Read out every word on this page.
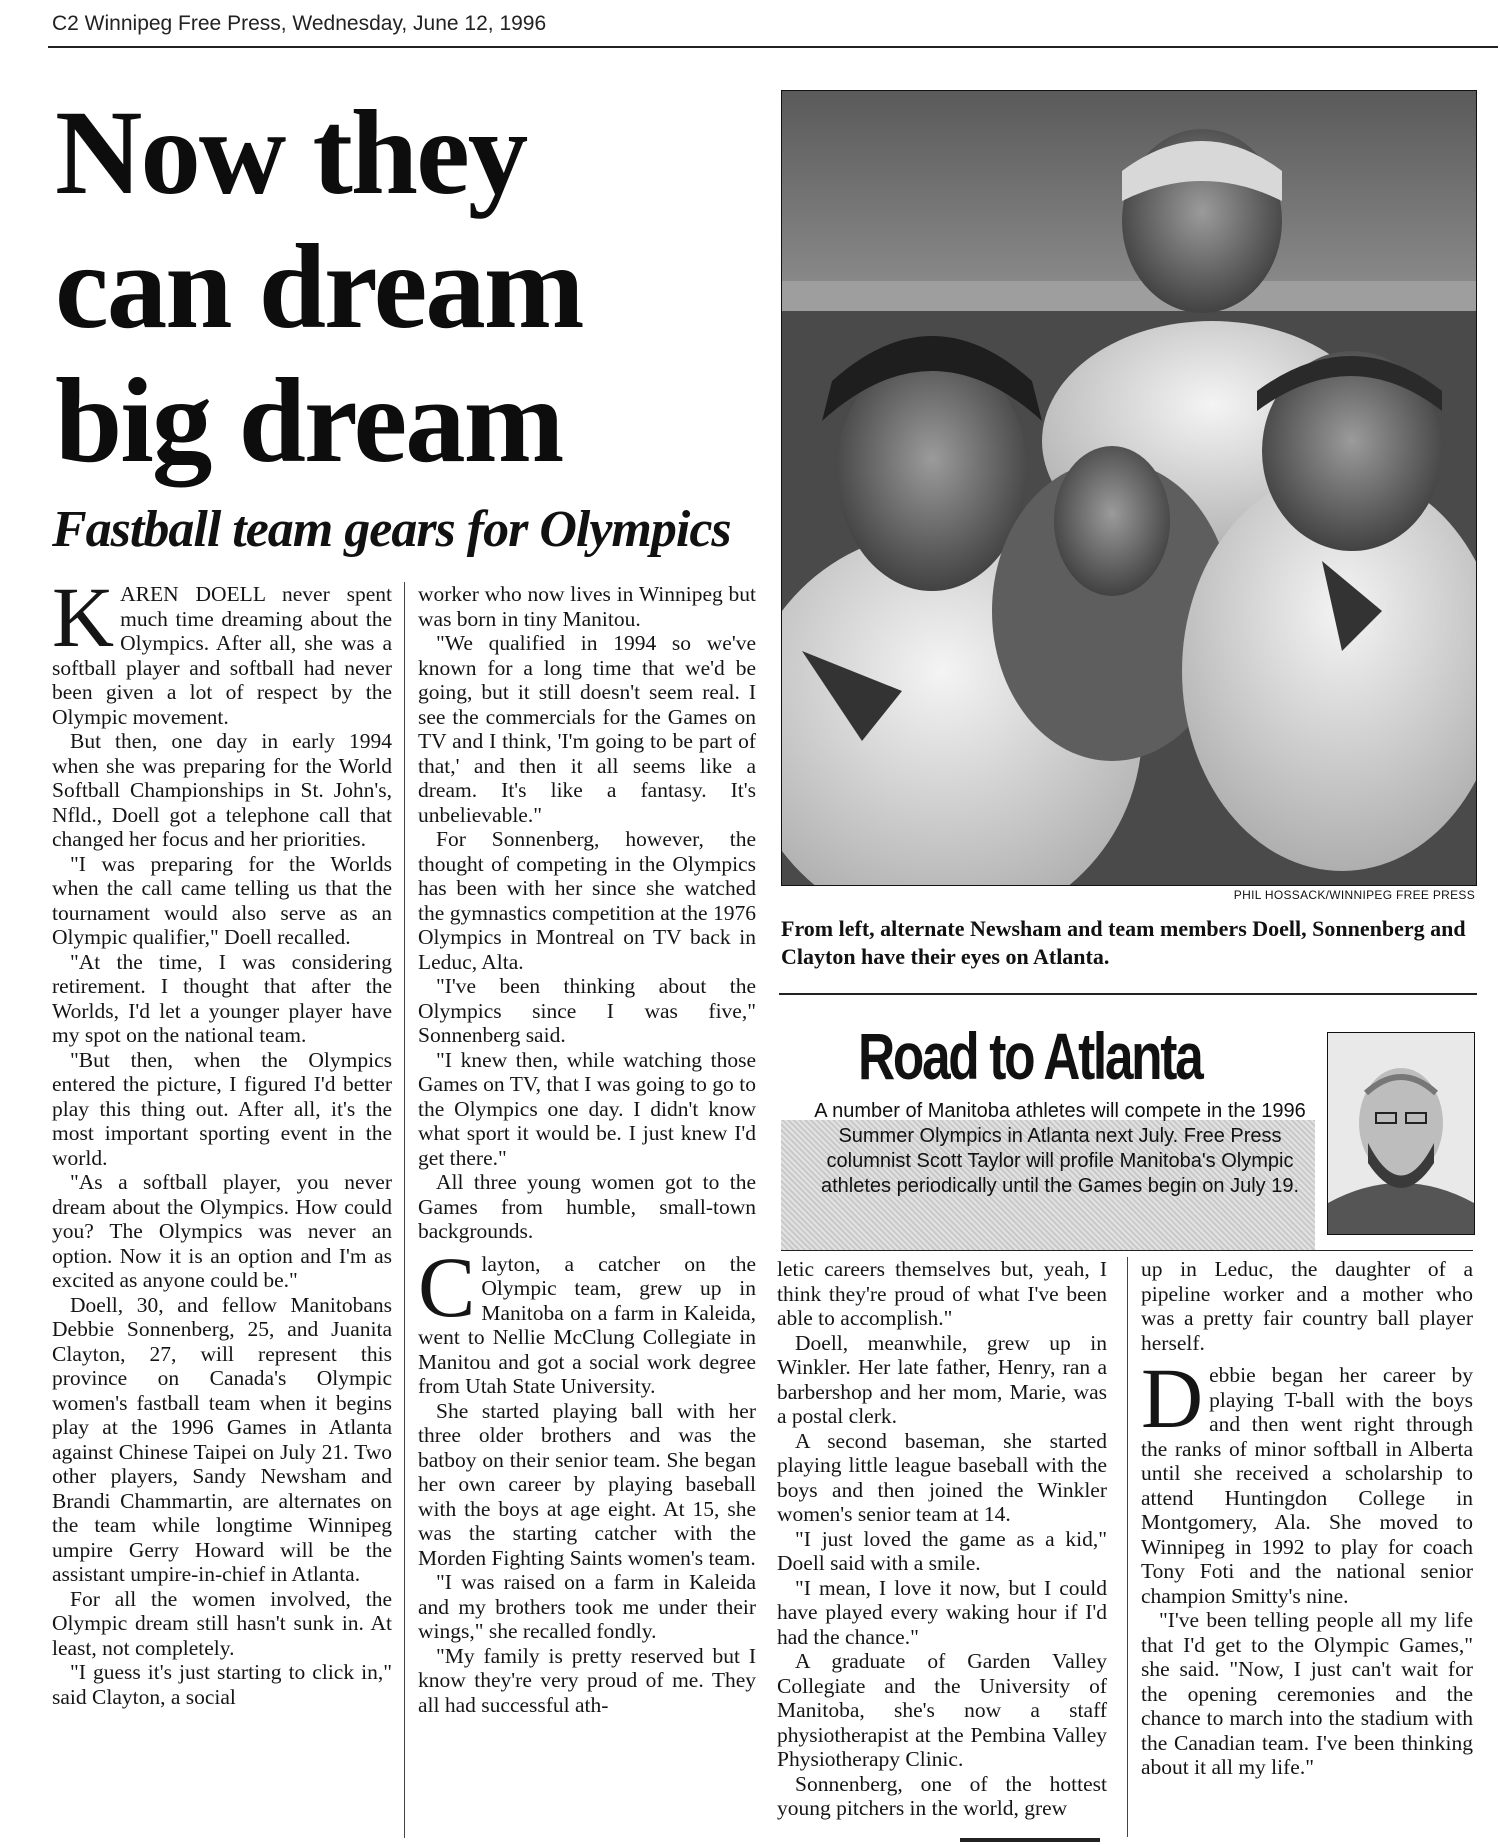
C2 Winnipeg Free Press, Wednesday, June 12, 1996
Now they
can dream
big dream
Fastball team gears for Olympics

KAREN DOELL never spent much time dreaming about the Olympics. After all, she was a softball player and softball had never been given a lot of respect by the Olympic movement.

But then, one day in early 1994 when she was preparing for the World Softball Championships in St. John's, Nfld., Doell got a telephone call that changed her focus and her priorities.

"I was preparing for the Worlds when the call came telling us that the tournament would also serve as an Olympic qualifier," Doell recalled.

"At the time, I was considering retirement. I thought that after the Worlds, I'd let a younger player have my spot on the national team.

"But then, when the Olympics entered the picture, I figured I'd better play this thing out. After all, it's the most important sporting event in the world.

"As a softball player, you never dream about the Olympics. How could you? The Olympics was never an option. Now it is an option and I'm as excited as anyone could be."

Doell, 30, and fellow Manitobans Debbie Sonnenberg, 25, and Juanita Clayton, 27, will represent this province on Canada's Olympic women's fastball team when it begins play at the 1996 Games in Atlanta against Chinese Taipei on July 21. Two other players, Sandy Newsham and Brandi Chammartin, are alternates on the team while longtime Winnipeg umpire Gerry Howard will be the assistant umpire-in-chief in Atlanta.

For all the women involved, the Olympic dream still hasn't sunk in. At least, not completely.

"I guess it's just starting to click in," said Clayton, a social

worker who now lives in Winnipeg but was born in tiny Manitou.

"We qualified in 1994 so we've known for a long time that we'd be going, but it still doesn't seem real. I see the commercials for the Games on TV and I think, 'I'm going to be part of that,' and then it all seems like a dream. It's like a fantasy. It's unbelievable."

For Sonnenberg, however, the thought of competing in the Olympics has been with her since she watched the gymnastics competition at the 1976 Olympics in Montreal on TV back in Leduc, Alta.

"I've been thinking about the Olympics since I was five," Sonnenberg said.

"I knew then, while watching those Games on TV, that I was going to go to the Olympics one day. I didn't know what sport it would be. I just knew I'd get there."

All three young women got to the Games from humble, small-town backgrounds.

Clayton, a catcher on the Olympic team, grew up in Manitoba on a farm in Kaleida, went to Nellie McClung Collegiate in Manitou and got a social work degree from Utah State University.

She started playing ball with her three older brothers and was the batboy on their senior team. She began her own career by playing baseball with the boys at age eight. At 15, she was the starting catcher with the Morden Fighting Saints women's team.

"I was raised on a farm in Kaleida and my brothers took me under their wings," she recalled fondly.

"My family is pretty reserved but I know they're very proud of me. They all had successful ath-

PHIL HOSSACK/WINNIPEG FREE PRESS
From left, alternate Newsham and team members Doell, Sonnenberg and Clayton have their eyes on Atlanta.
Road to Atlanta
A number of Manitoba athletes will compete in the 1996 Summer Olympics in Atlanta next July. Free Press columnist Scott Taylor will profile Manitoba's Olympic athletes periodically until the Games begin on July 19.

letic careers themselves but, yeah, I think they're proud of what I've been able to accomplish."

Doell, meanwhile, grew up in Winkler. Her late father, Henry, ran a barbershop and her mom, Marie, was a postal clerk.

A second baseman, she started playing little league baseball with the boys and then joined the Winkler women's senior team at 14.

"I just loved the game as a kid," Doell said with a smile.

"I mean, I love it now, but I could have played every waking hour if I'd had the chance."

A graduate of Garden Valley Collegiate and the University of Manitoba, she's now a staff physiotherapist at the Pembina Valley Physiotherapy Clinic.

Sonnenberg, one of the hottest young pitchers in the world, grew

up in Leduc, the daughter of a pipeline worker and a mother who was a pretty fair country ball player herself.

Debbie began her career by playing T-ball with the boys and then went right through the ranks of minor softball in Alberta until she received a scholarship to attend Huntingdon College in Montgomery, Ala. She moved to Winnipeg in 1992 to play for coach Tony Foti and the national senior champion Smitty's nine.

"I've been telling people all my life that I'd get to the Olympic Games," she said. "Now, I just can't wait for the opening ceremonies and the chance to march into the stadium with the Canadian team. I've been thinking about it all my life."
